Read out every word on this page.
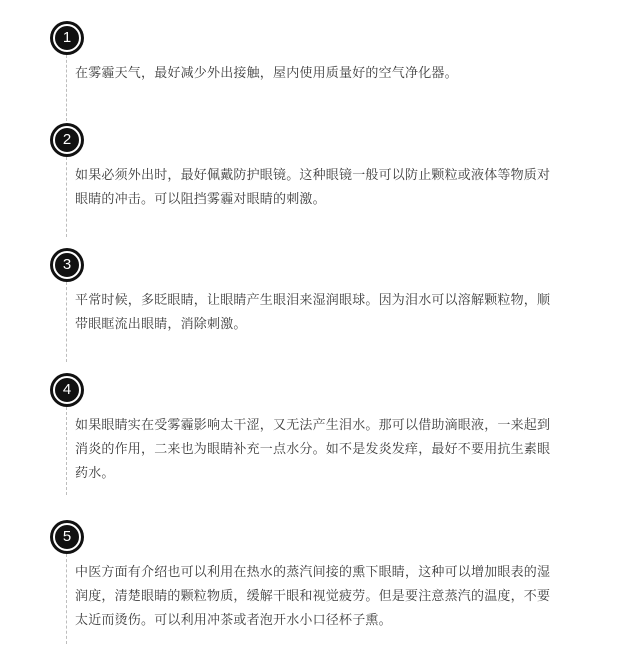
1

在雾霾天气，最好减少外出接触，屋内使用质量好的空气净化器。

2

如果必须外出时，最好佩戴防护眼镜。这种眼镜一般可以防止颗粒或液体等物质对眼睛的冲击。可以阻挡雾霾对眼睛的刺激。

3

平常时候，多眨眼睛，让眼睛产生眼泪来湿润眼球。因为泪水可以溶解颗粒物，顺带眼眶流出眼睛，消除刺激。

4

如果眼睛实在受雾霾影响太干涩，又无法产生泪水。那可以借助滴眼液，一来起到消炎的作用，二来也为眼睛补充一点水分。如不是发炎发痒，最好不要用抗生素眼药水。

5

中医方面有介绍也可以利用在热水的蒸汽间接的熏下眼睛，这种可以增加眼表的湿润度，清楚眼睛的颗粒物质，缓解干眼和视觉疲劳。但是要注意蒸汽的温度，不要太近而烫伤。可以利用冲茶或者泡开水小口径杯子熏。
